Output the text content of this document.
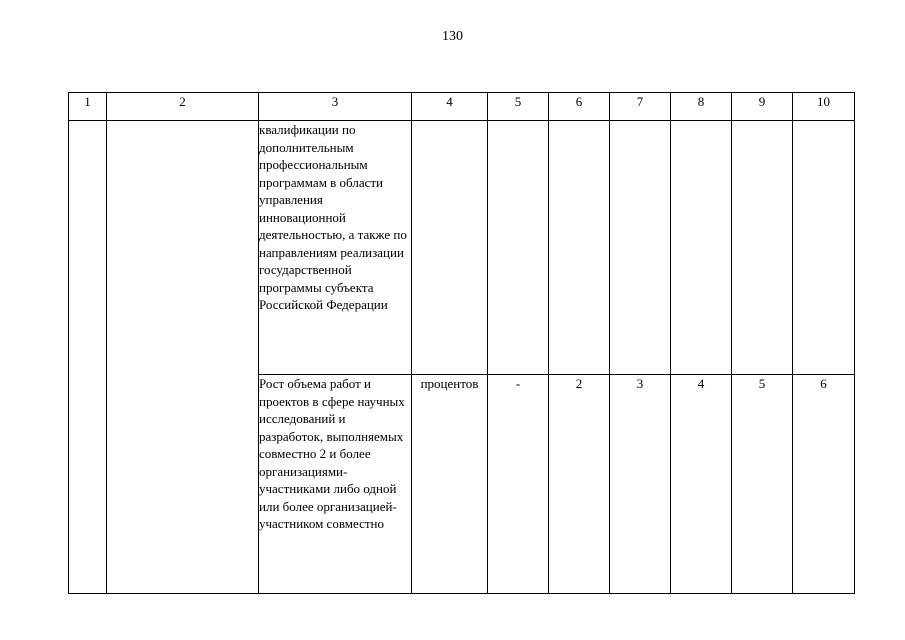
130
1	2	3	4	5	6	7	8	9	10
		квалификации по дополнительным профессиональным программам в области управления инновационной деятельностью, а также по направлениям реализации государственной программы субъекта Российской Федерации							
		Рост объема работ и проектов в сфере научных исследований и разработок, выполняемых совместно 2 и более организациями-участниками либо одной или более организацией-участником совместно	процентов	-	2	3	4	5	6
